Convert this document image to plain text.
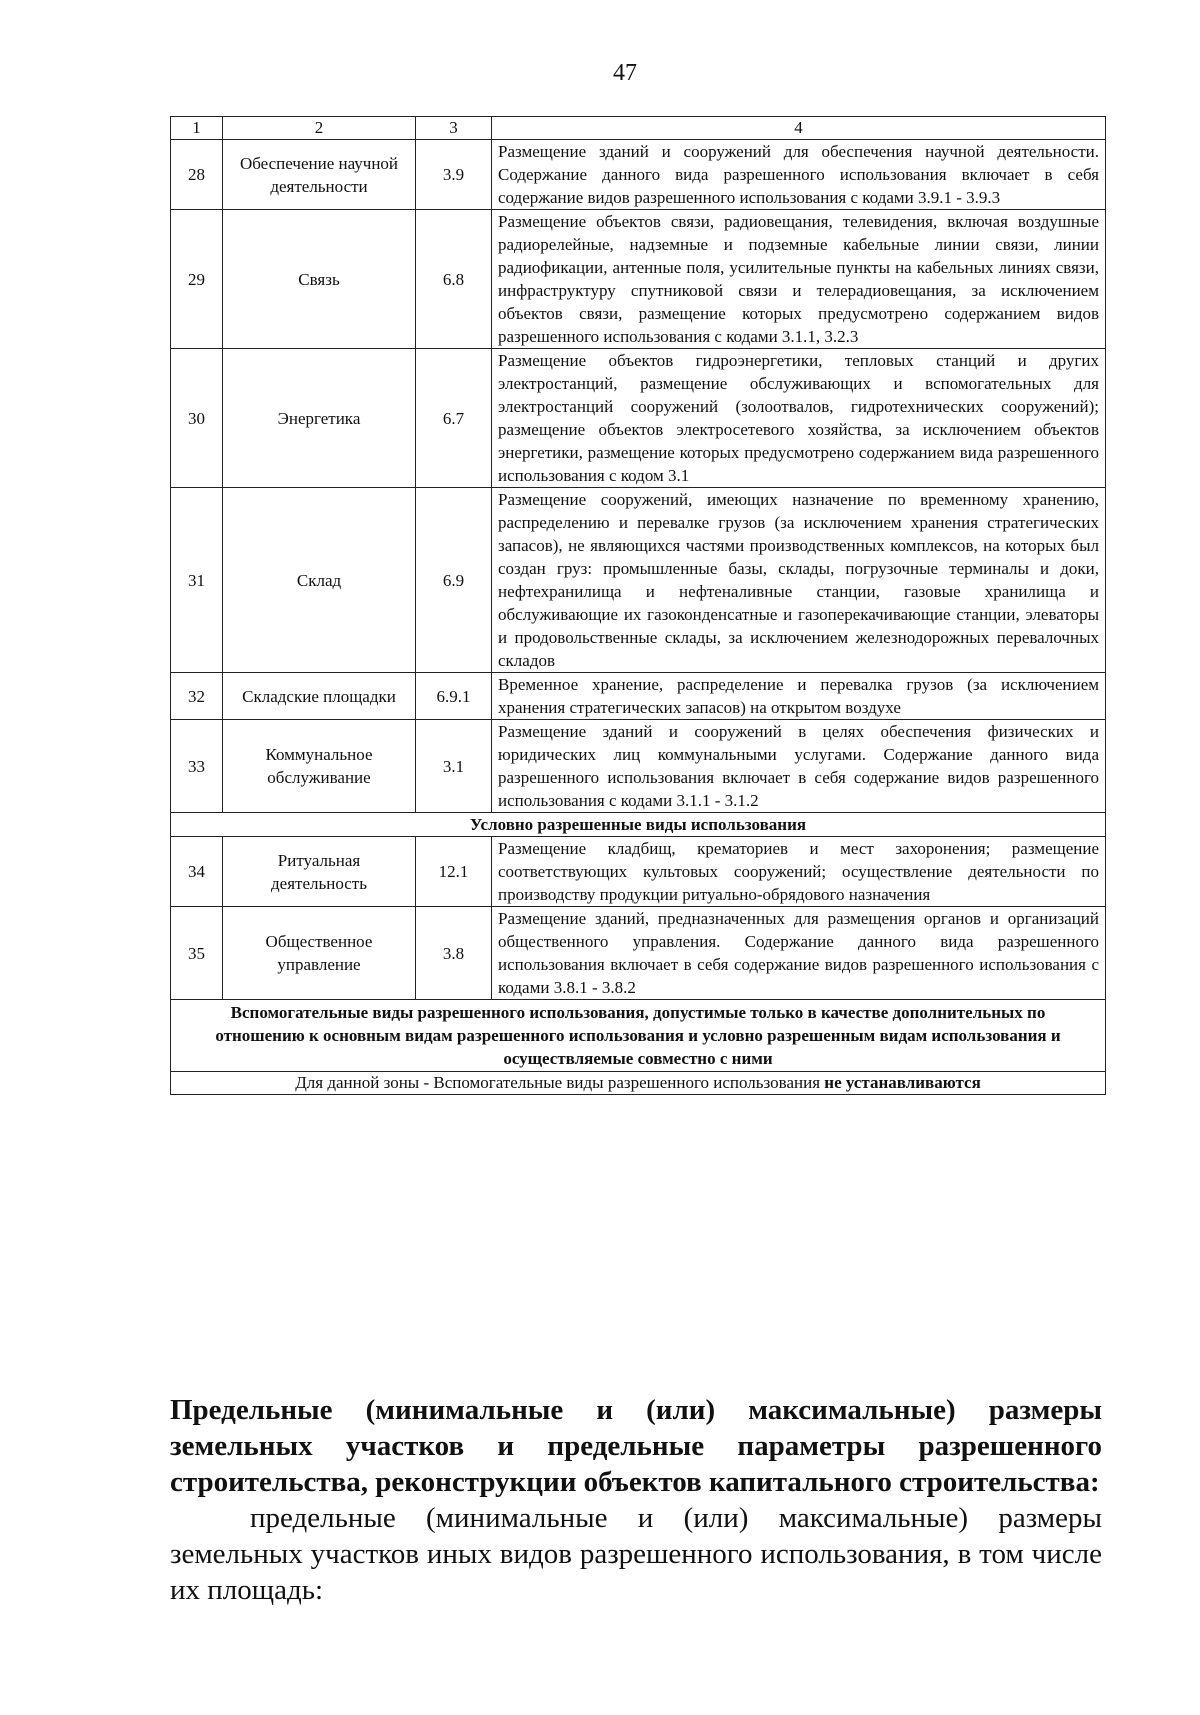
47
1	2	3	4
28	Обеспечение научной деятельности	3.9	Размещение зданий и сооружений для обеспечения научной деятельности. Содержание данного вида разрешенного использования включает в себя содержание видов разрешенного использования с кодами 3.9.1 - 3.9.3
29	Связь	6.8	Размещение объектов связи, радиовещания, телевидения, включая воздушные радиорелейные, надземные и подземные кабельные линии связи, линии радиофикации, антенные поля, усилительные пункты на кабельных линиях связи, инфраструктуру спутниковой связи и телерадиовещания, за исключением объектов связи, размещение которых предусмотрено содержанием видов разрешенного использования с кодами 3.1.1, 3.2.3
30	Энергетика	6.7	Размещение объектов гидроэнергетики, тепловых станций и других электростанций, размещение обслуживающих и вспомогательных для электростанций сооружений (золоотвалов, гидротехнических сооружений); размещение объектов электросетевого хозяйства, за исключением объектов энергетики, размещение которых предусмотрено содержанием вида разрешенного использования с кодом 3.1
31	Склад	6.9	Размещение сооружений, имеющих назначение по временному хранению, распределению и перевалке грузов (за исключением хранения стратегических запасов), не являющихся частями производственных комплексов, на которых был создан груз: промышленные базы, склады, погрузочные терминалы и доки, нефтехранилища и нефтеналивные станции, газовые хранилища и обслуживающие их газоконденсатные и газоперекачивающие станции, элеваторы и продовольственные склады, за исключением железнодорожных перевалочных складов
32	Складские площадки	6.9.1	Временное хранение, распределение и перевалка грузов (за исключением хранения стратегических запасов) на открытом воздухе
33	Коммунальное обслуживание	3.1	Размещение зданий и сооружений в целях обеспечения физических и юридических лиц коммунальными услугами. Содержание данного вида разрешенного использования включает в себя содержание видов разрешенного использования с кодами 3.1.1 - 3.1.2
Условно разрешенные виды использования			
34	Ритуальная деятельность	12.1	Размещение кладбищ, крематориев и мест захоронения; размещение соответствующих культовых сооружений; осуществление деятельности по производству продукции ритуально-обрядового назначения
35	Общественное управление	3.8	Размещение зданий, предназначенных для размещения органов и организаций общественного управления. Содержание данного вида разрешенного использования включает в себя содержание видов разрешенного использования с кодами 3.8.1 - 3.8.2
Вспомогательные виды разрешенного использования, допустимые только в качестве дополнительных по отношению к основным видам разрешенного использования и условно разрешенным видам использования и осуществляемые совместно с ними			
Для данной зоны - Вспомогательные виды разрешенного использования не устанавливаются			
Предельные (минимальные и (или) максимальные) размеры
земельных участков и предельные параметры разрешенного
строительства, реконструкции объектов капитального строительства:
предельные (минимальные и (или) максимальные) размеры земельных участков иных видов разрешенного использования, в том числе их площадь:
